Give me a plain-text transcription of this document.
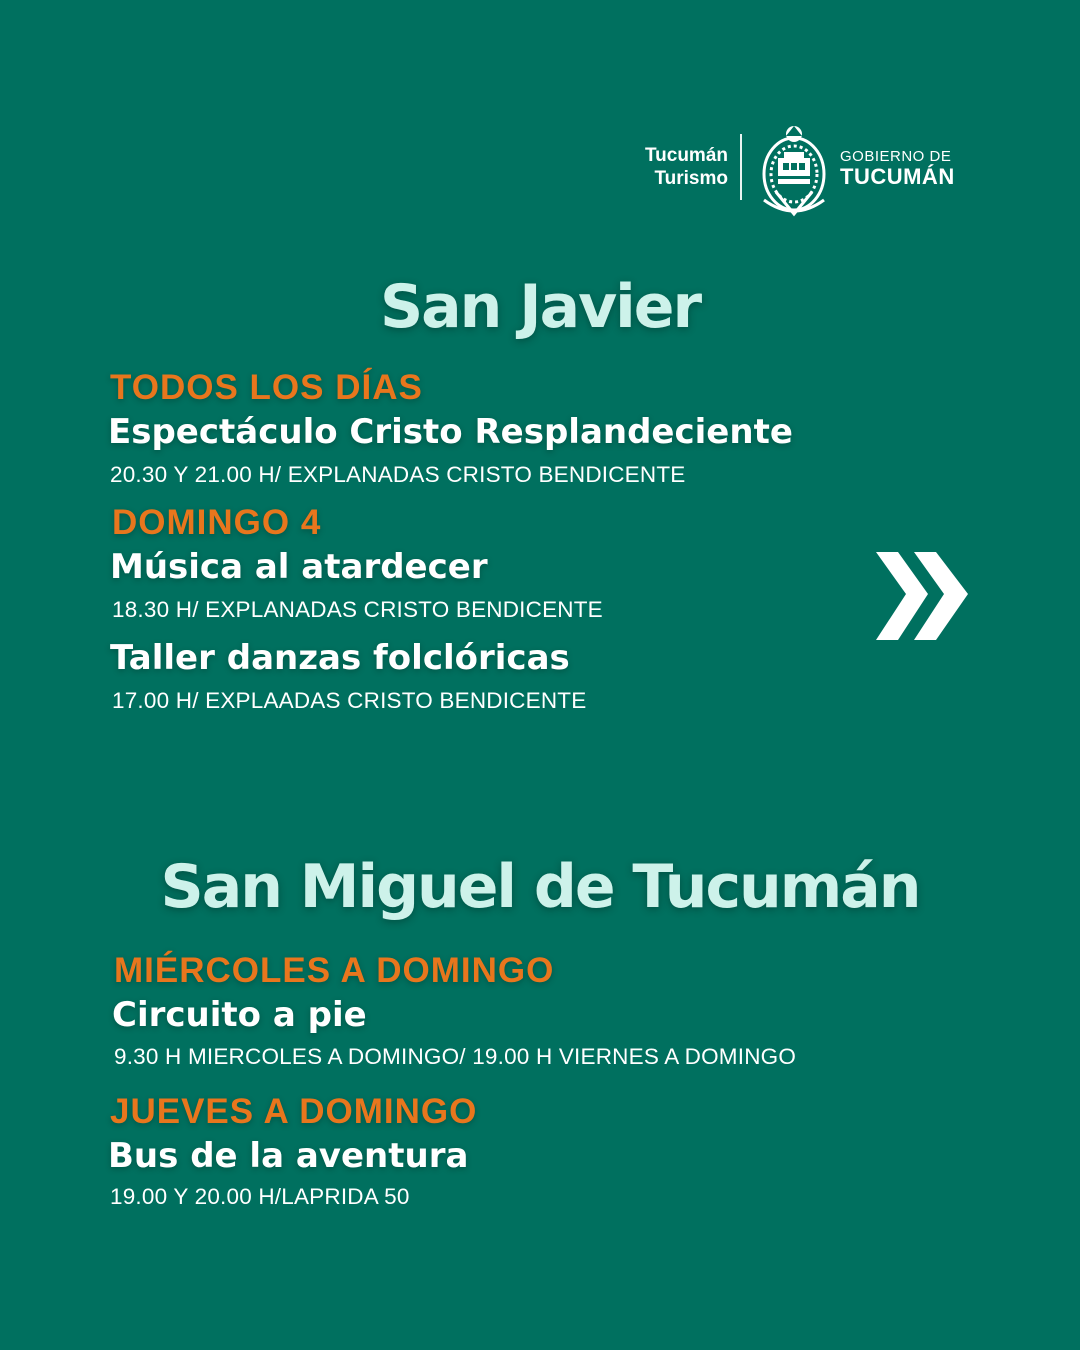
Tucumán
Turismo
GOBIERNO DE
TUCUMÁN
San Javier
TODOS LOS DÍAS
Espectáculo Cristo Resplandeciente
20.30 Y 21.00 H/ EXPLANADAS CRISTO BENDICENTE
DOMINGO 4
Música al atardecer
18.30 H/ EXPLANADAS CRISTO BENDICENTE
Taller danzas folclóricas
17.00 H/ EXPLAADAS CRISTO BENDICENTE
San Miguel de Tucumán
MIÉRCOLES A DOMINGO
Circuito a pie
9.30 H MIERCOLES A DOMINGO/ 19.00 H VIERNES A DOMINGO
JUEVES A DOMINGO
Bus de la aventura
19.00 Y 20.00 H/LAPRIDA 50
